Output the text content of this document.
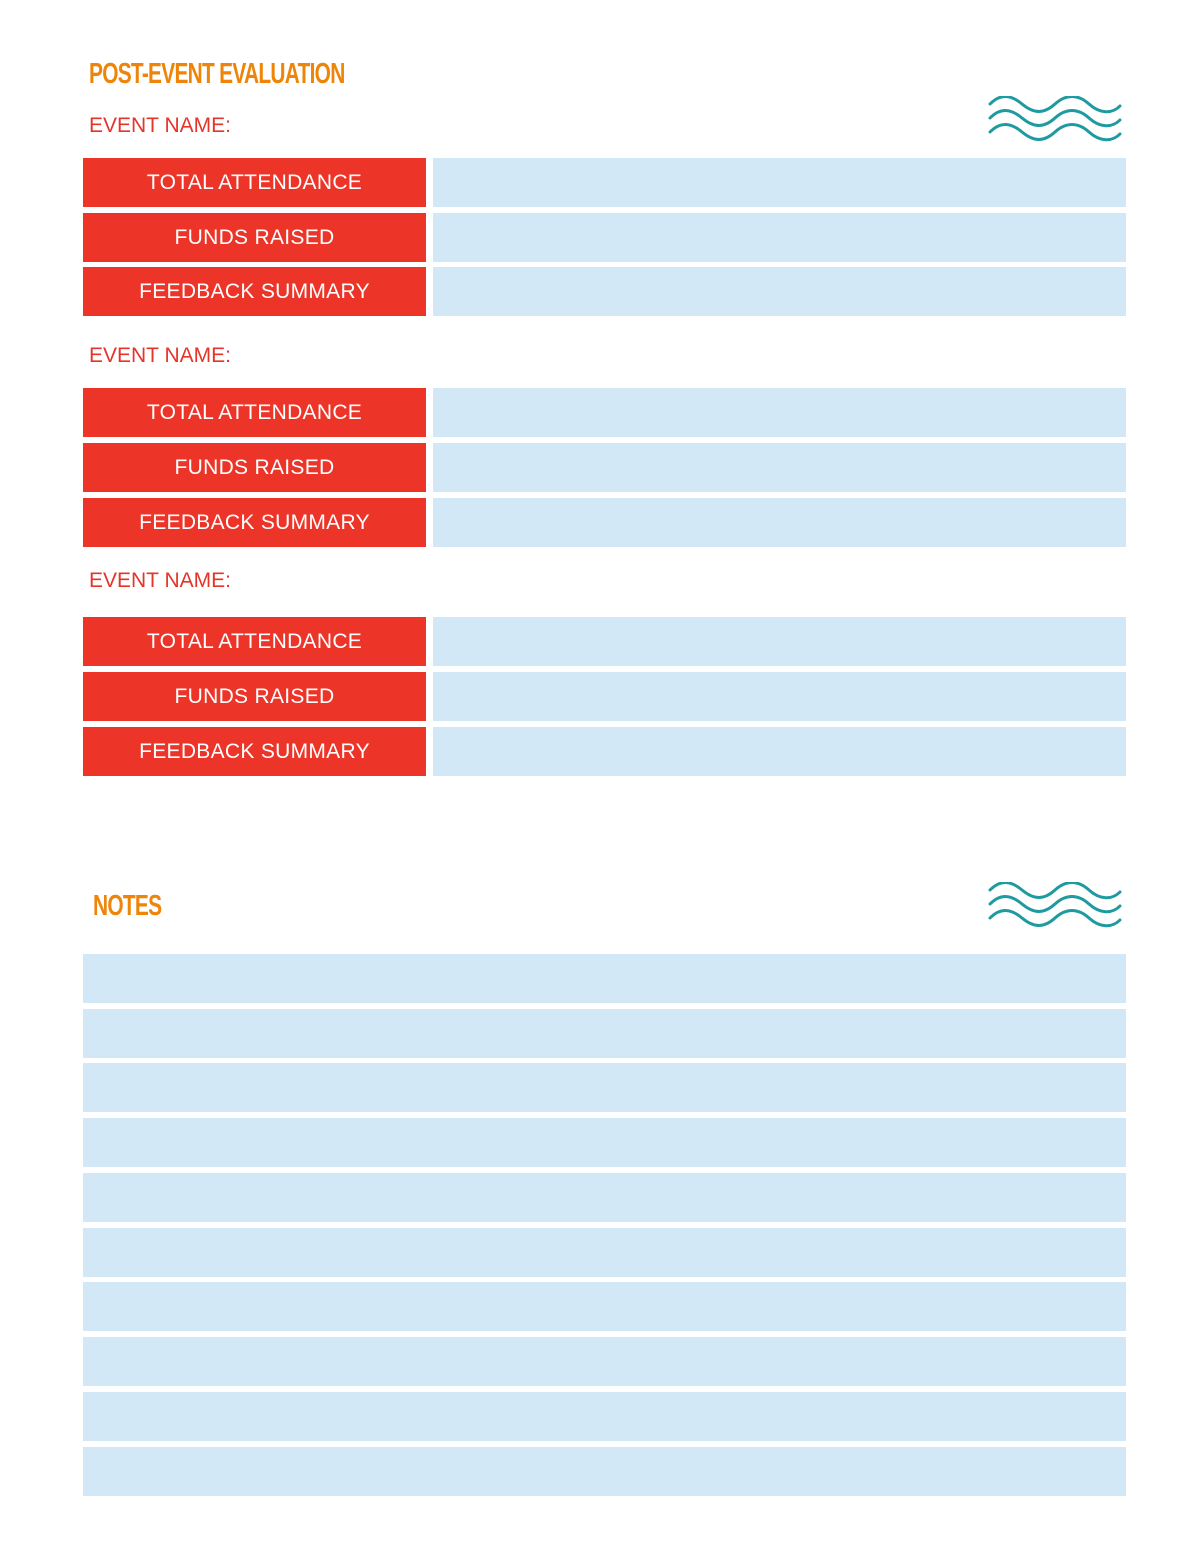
POST-EVENT EVALUATION
EVENT NAME:
TOTAL ATTENDANCE
FUNDS RAISED
FEEDBACK SUMMARY
EVENT NAME:
TOTAL ATTENDANCE
FUNDS RAISED
FEEDBACK SUMMARY
EVENT NAME:
TOTAL ATTENDANCE
FUNDS RAISED
FEEDBACK SUMMARY
NOTES
